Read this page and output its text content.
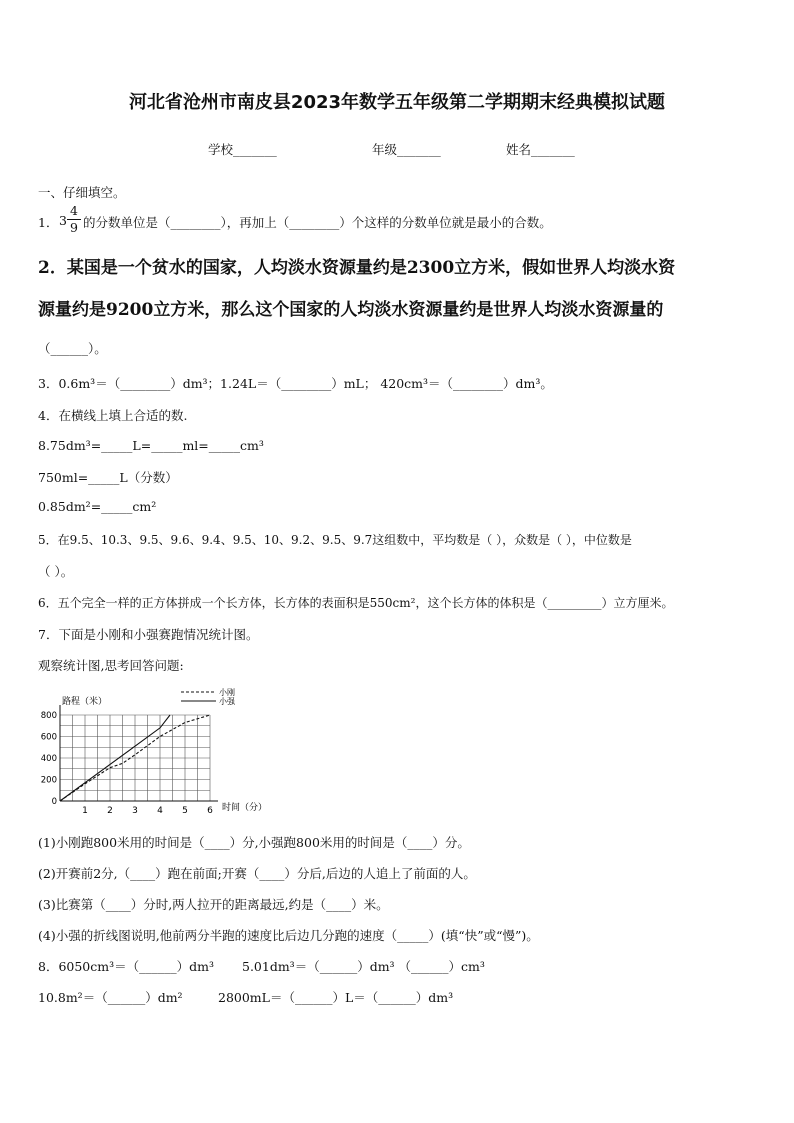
河北省沧州市南皮县2023年数学五年级第二学期期末经典模拟试题
学校_______	年级_______	姓名_______
一、仔细填空。
1． 3
4
9 的分数单位是（________），再加上（________）个这样的分数单位就是最小的合数。
2．某国是一个贫水的国家，人均淡水资源量约是2300立方米，假如世界人均淡水资
源量约是9200立方米，那么这个国家的人均淡水资源量约是世界人均淡水资源量的
（______）。
3．0.6m³＝（________）dm³；1.24L＝（________）mL； 420cm³＝（________）dm³。
4．在横线上填上合适的数.
8.75dm³=_____L=_____ml=_____cm³
750ml=_____L（分数）
0.85dm²=_____cm²
5．在9.5、10.3、9.5、9.6、9.4、9.5、10、9.2、9.5、9.7这组数中，平均数是（ ），众数是（ ），中位数是
（ ）。
6．五个完全一样的正方体拼成一个长方体，长方体的表面积是550cm²，这个长方体的体积是（_________）立方厘米。
7．下面是小刚和小强赛跑情况统计图。
观察统计图,思考回答问题:
1 2 3 4 5 6
0
200
400
600
800
路程（米）
时间（分）
小刚
小强
(1)小刚跑800米用的时间是（____）分,小强跑800米用的时间是（____）分。
(2)开赛前2分,（____）跑在前面;开赛（____）分后,后边的人追上了前面的人。
(3)比赛第（____）分时,两人拉开的距离最远,约是（____）米。
(4)小强的折线图说明,他前两分半跑的速度比后边几分跑的速度（_____）(填“快”或“慢”)。
8．6050cm³＝（______）dm³ 5.01dm³＝（______）dm³ （______）cm³
10.8m²＝（______）dm²	2800mL＝（______）L＝（______）dm³
